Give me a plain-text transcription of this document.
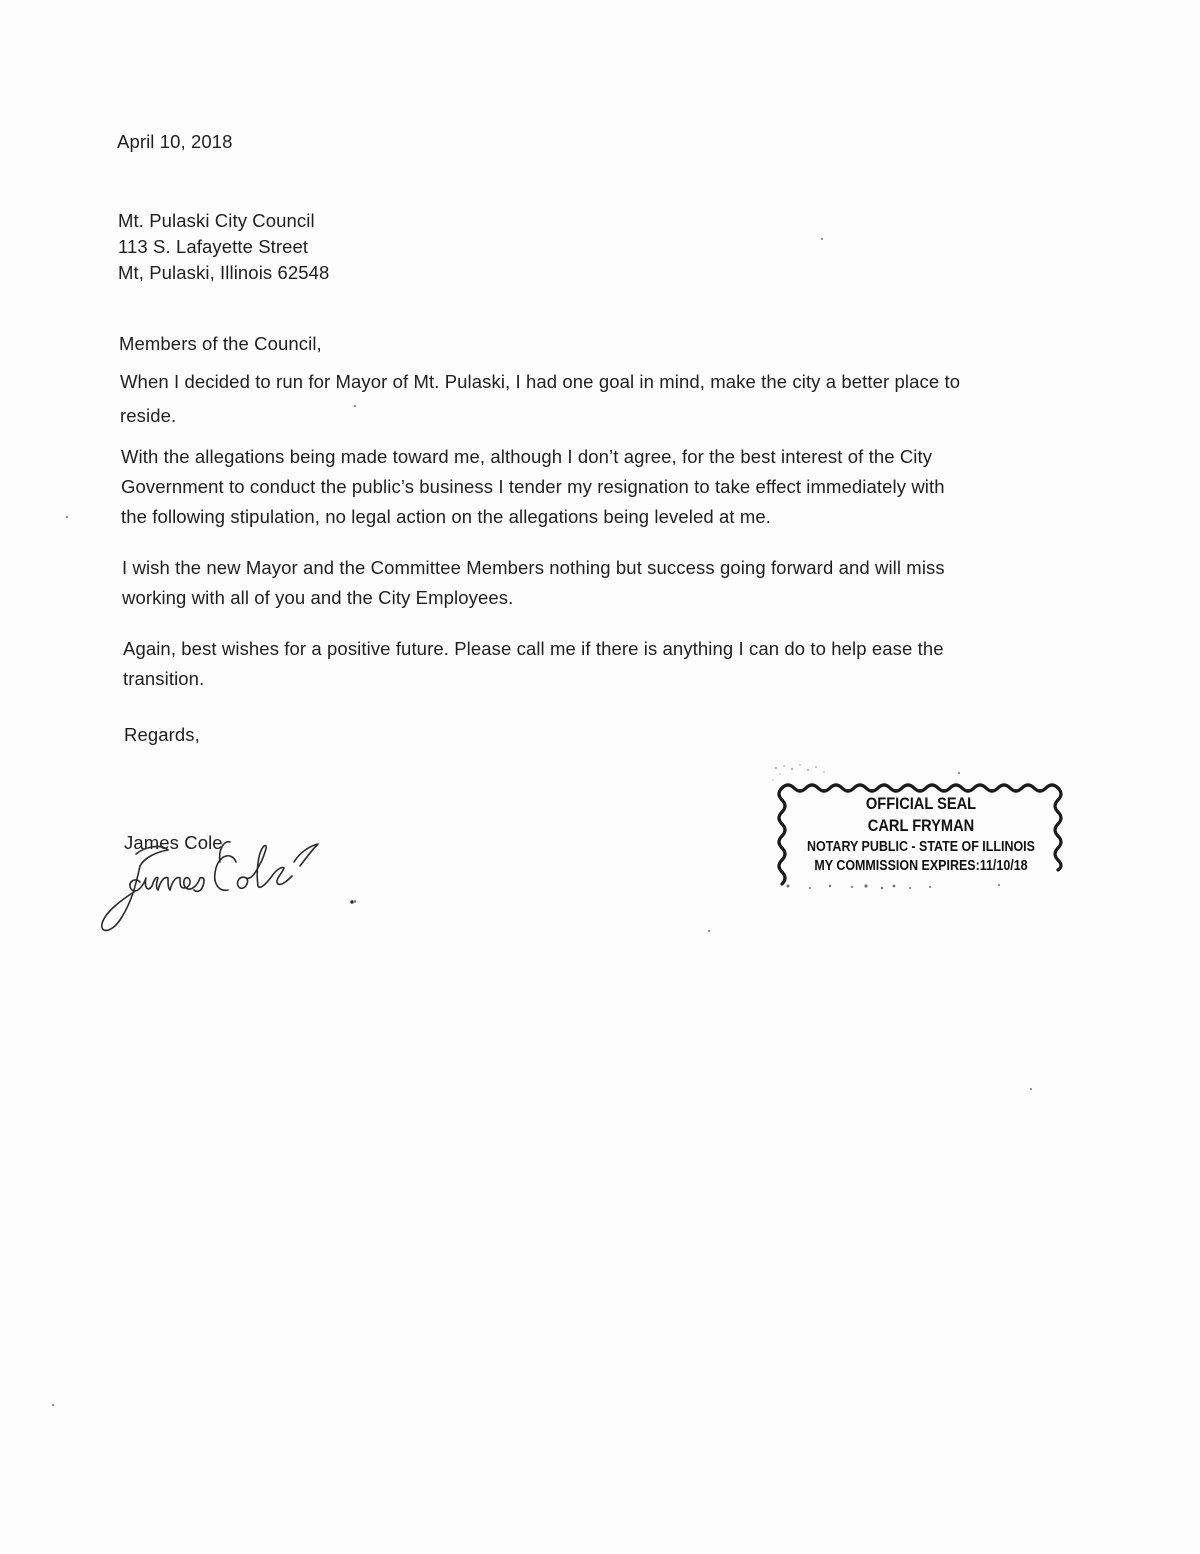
April 10, 2018
Mt. Pulaski City Council
113 S. Lafayette Street
Mt, Pulaski, Illinois 62548
Members of the Council,
When I decided to run for Mayor of Mt. Pulaski, I had one goal in mind, make the city a better place to
reside.
With the allegations being made toward me, although I don’t agree, for the best interest of the City
Government to conduct the public’s business I tender my resignation to take effect immediately with
the following stipulation, no legal action on the allegations being leveled at me.
I wish the new Mayor and the Committee Members nothing but success going forward and will miss
working with all of you and the City Employees.
Again, best wishes for a positive future. Please call me if there is anything I can do to help ease the
transition.
Regards,
James Cole
OFFICIAL SEAL
CARL FRYMAN
NOTARY PUBLIC - STATE OF ILLINOIS
MY COMMISSION EXPIRES:11/10/18
